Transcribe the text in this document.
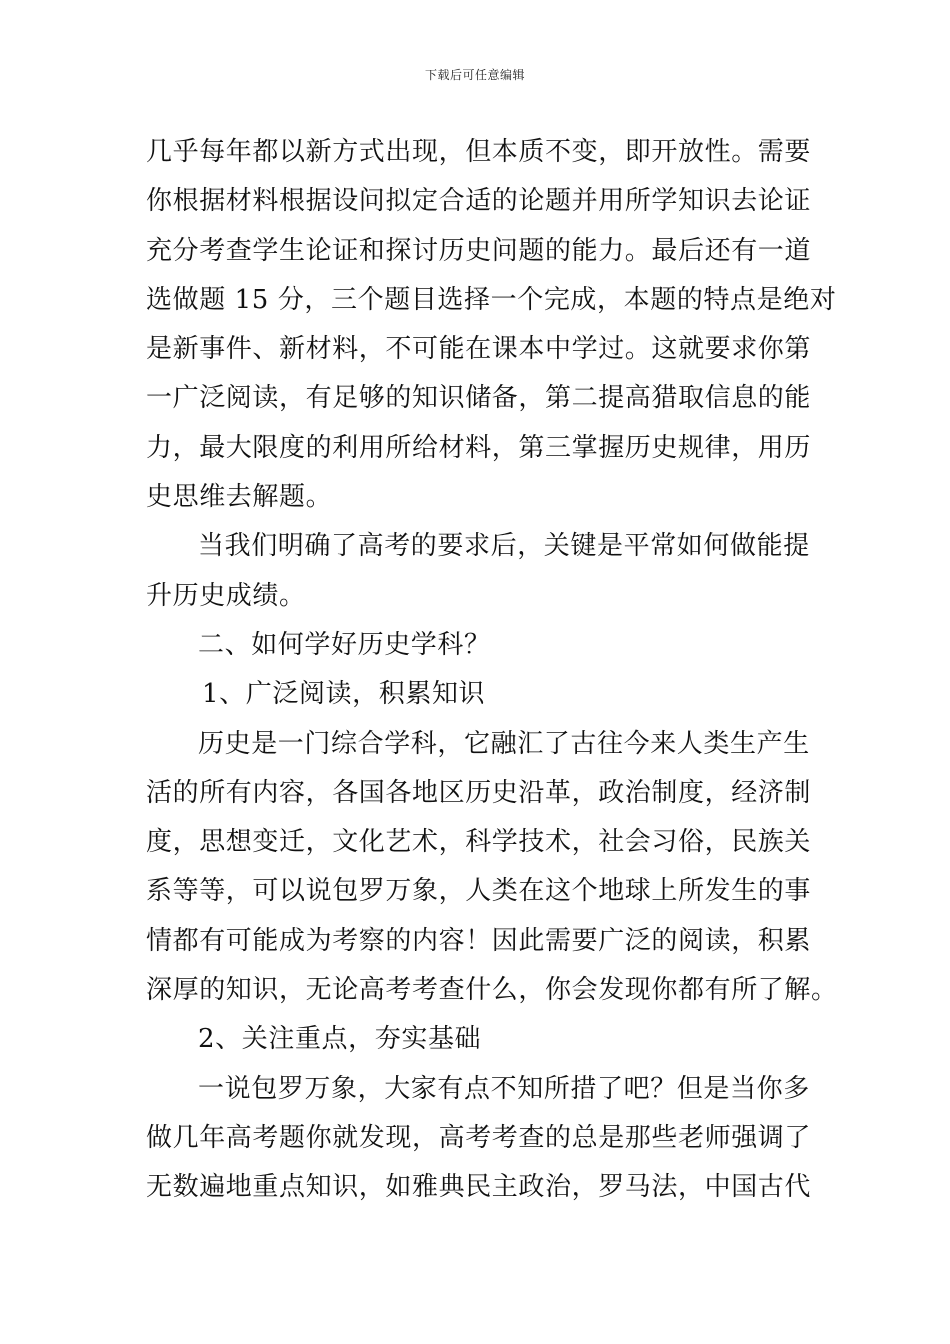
下载后可任意编辑
几乎每年都以新方式出现，但本质不变，即开放性。需要
你根据材料根据设问拟定合适的论题并用所学知识去论证
充分考查学生论证和探讨历史问题的能力。最后还有一道
选做题 15 分，三个题目选择一个完成，本题的特点是绝对
是新事件、新材料，不可能在课本中学过。这就要求你第
一广泛阅读，有足够的知识储备，第二提高猎取信息的能
力，最大限度的利用所给材料，第三掌握历史规律，用历
史思维去解题。
当我们明确了高考的要求后，关键是平常如何做能提
升历史成绩。
二、如何学好历史学科？
1、广泛阅读，积累知识
历史是一门综合学科，它融汇了古往今来人类生产生
活的所有内容，各国各地区历史沿革，政治制度，经济制
度，思想变迁，文化艺术，科学技术，社会习俗，民族关
系等等，可以说包罗万象，人类在这个地球上所发生的事
情都有可能成为考察的内容！因此需要广泛的阅读，积累
深厚的知识，无论高考考查什么，你会发现你都有所了解。
2、关注重点，夯实基础
一说包罗万象，大家有点不知所措了吧？但是当你多
做几年高考题你就发现，高考考查的总是那些老师强调了
无数遍地重点知识，如雅典民主政治，罗马法，中国古代
